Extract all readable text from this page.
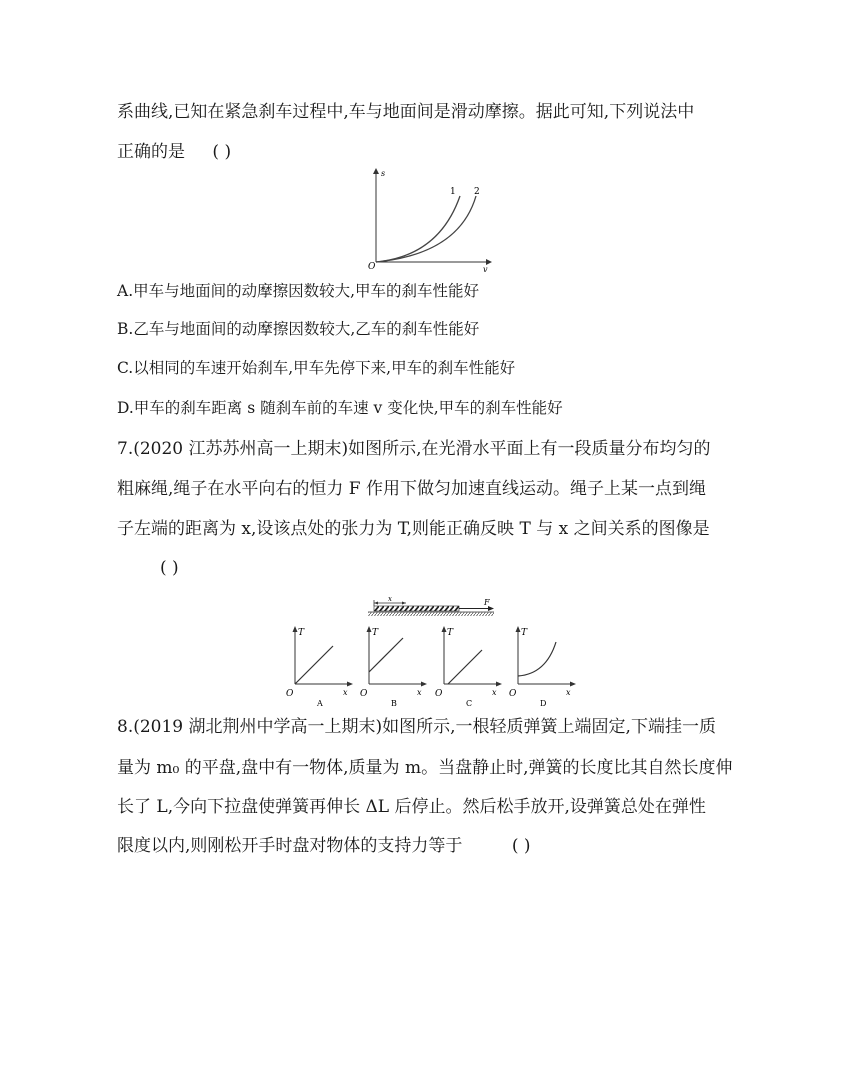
系曲线,已知在紧急刹车过程中,车与地面间是滑动摩擦。据此可知,下列说法中
正确的是 ( )
s
v
O
1 2
A.甲车与地面间的动摩擦因数较大,甲车的刹车性能好
B.乙车与地面间的动摩擦因数较大,乙车的刹车性能好
C.以相同的车速开始刹车,甲车先停下来,甲车的刹车性能好
D.甲车的刹车距离 s 随刹车前的车速 v 变化快,甲车的刹车性能好
7.(2020 江苏苏州高一上期末)如图所示,在光滑水平面上有一段质量分布均匀的
粗麻绳,绳子在水平向右的恒力 F 作用下做匀加速直线运动。绳子上某一点到绳
子左端的距离为 x,设该点处的张力为 T,则能正确反映 T 与 x 之间关系的图像是
( )
x	F
T
x
O
A
T
x
O
B
T
x
O
C
T
x
O
D
8.(2019 湖北荆州中学高一上期末)如图所示,一根轻质弹簧上端固定,下端挂一质
量为 m₀ 的平盘,盘中有一物体,质量为 m。当盘静止时,弹簧的长度比其自然长度伸
长了 L,今向下拉盘使弹簧再伸长 ΔL 后停止。然后松手放开,设弹簧总处在弹性
限度以内,则刚松开手时盘对物体的支持力等于	( )
